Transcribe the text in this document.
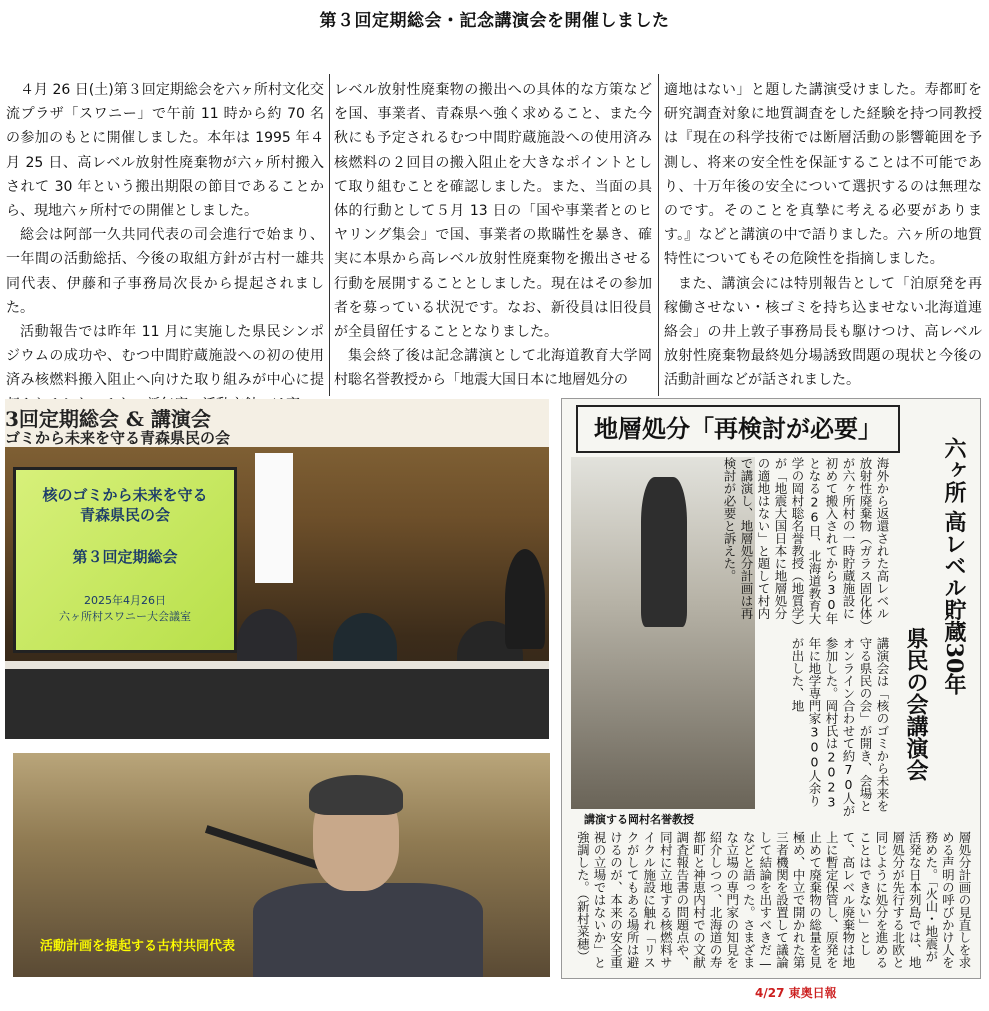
第３回定期総会・記念講演会を開催しました

４月 26 日(土)第３回定期総会を六ヶ所村文化交流プラザ「スワニー」で午前 11 時から約 70 名の参加のもとに開催しました。本年は 1995 年４月 25 日、高レベル放射性廃棄物が六ヶ所村搬入されて 30 年という搬出期限の節目であることから、現地六ヶ所村での開催としました。

総会は阿部一久共同代表の司会進行で始まり、一年間の活動総括、今後の取組方針が古村一雄共同代表、伊藤和子事務局次長から提起されました。

活動報告では昨年 11 月に実施した県民シンポジウムの成功や、むつ中間貯蔵施設への初の使用済み核燃料搬入阻止へ向けた取り組みが中心に提

レベル放射性廃棄物の搬出への具体的な方策などを国、事業者、青森県へ強く求めること、また今秋にも予定されるむつ中間貯蔵施設への使用済み核燃料の２回目の搬入阻止を大きなポイントとして取り組むことを確認しました。また、当面の具体的行動として５月 13 日の「国や事業者とのヒヤリング集会」で国、事業者の欺瞞性を暴き、確実に本県から高レベル放射性廃棄物を搬出させる行動を展開することとしました。現在はその参加者を募っている状況です。なお、新役員は旧役員が全員留任することとなりました。

集会終了後は記念講演として北海道教育大学岡村聡名誉教授から「地震大国日本に地層処分の

適地はない」と題した講演受けました。寿都町を研究調査対象に地質調査をした経験を持つ同教授は『現在の科学技術では断層活動の影響範囲を予測し、将来の安全性を保証することは不可能であり、十万年後の安全について選択するのは無理なのです。そのことを真摯に考える必要があります。』などと講演の中で語りました。六ヶ所の地質特性についてもその危険性を指摘しました。

また、講演会には特別報告として「泊原発を再稼働させない・核ゴミを持ち込ませない北海道連絡会」の井上敦子事務局長も駆けつけ、高レベル放射性廃棄物最終処分場誘致問題の現状と今後の活動計画などが話されました。

3回定期総会 & 講演会
ゴミから未来を守る青森県民の会
核のゴミから未来を守る
青森県民の会
第３回定期総会
2025年4月26日
六ヶ所村スワニー大会議室
活動計画を提起する古村共同代表
地層処分「再検討が必要」
六ヶ所 高レベル貯蔵30年
県民の会講演会
講演する岡村名誉教授
海外から返還された高レベル放射性廃棄物（ガラス固化体）が六ヶ所村の一時貯蔵施設に初めて搬入されてから30年となる26日、北海道教育大学の岡村聡名誉教授（地質学）が「地震大国日本に地層処分の適地はない」と題して村内で講演し、地層処分計画は再検討が必要と訴えた。
講演会は「核のゴミから未来を守る県民の会」が開き、会場とオンライン合わせて約70人が参加した。岡村氏は2023年に地学専門家300人余りが出した、地
層処分計画の見直しを求める声明の呼びかけ人を務めた。「火山・地震が活発な日本列島では、地層処分が先行する北欧と同じように処分を進めることはできない」として、高レベル廃棄物は地上に暫定保管し、原発を止めて廃棄物の総量を見極め、中立で開かれた第三者機関を設置して議論して結論を出すべきだ—などと語った。さまざまな立場の専門家の知見を紹介しつつ、北海道の寿都町と神恵内村での文献調査報告書の問題点や、同村に立地する核燃料サイクル施設に触れ「リスクがしてもある場所は避けるのが、本来の安全重視の立場ではないか」と強調した。（新村菜穂）
4/27 東奥日報
